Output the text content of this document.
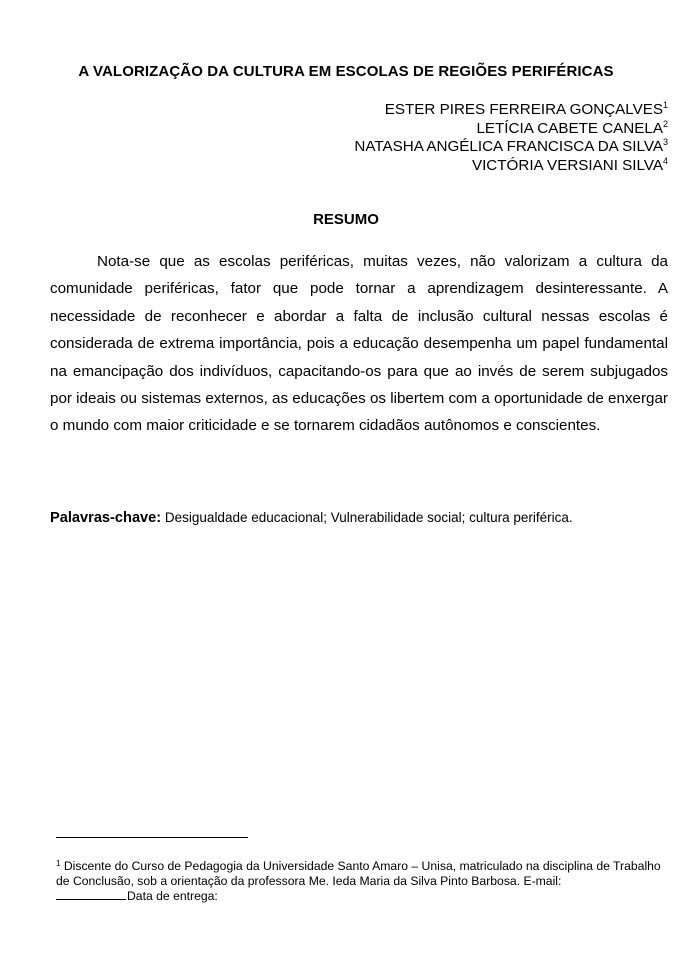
A VALORIZAÇÃO DA CULTURA EM ESCOLAS DE REGIÕES PERIFÉRICAS
ESTER PIRES FERREIRA GONÇALVES$^1$
LETÍCIA CABETE CANELA$^2$
NATASHA ANGÉLICA FRANCISCA DA SILVA$^3$
VICTÓRIA VERSIANI SILVA$^4$
RESUMO

Nota-se que as escolas periféricas, muitas vezes, não valorizam a cultura da comunidade periféricas, fator que pode tornar a aprendizagem desinteressante. A necessidade de reconhecer e abordar a falta de inclusão cultural nessas escolas é considerada de extrema importância, pois a educação desempenha um papel fundamental na emancipação dos indivíduos, capacitando-os para que ao invés de serem subjugados por ideais ou sistemas externos, as educações os libertem com a oportunidade de enxergar o mundo com maior criticidade e se tornarem cidadãos autônomos e conscientes.

Palavras-chave: Desigualdade educacional; Vulnerabilidade social; cultura periférica.

$^1$ Discente do Curso de Pedagogia da Universidade Santo Amaro – Unisa, matriculado na disciplina de Trabalho de Conclusão, sob a orientação da professora Me. Ieda Maria da Silva Pinto Barbosa. E-mail:
Data de entrega:
